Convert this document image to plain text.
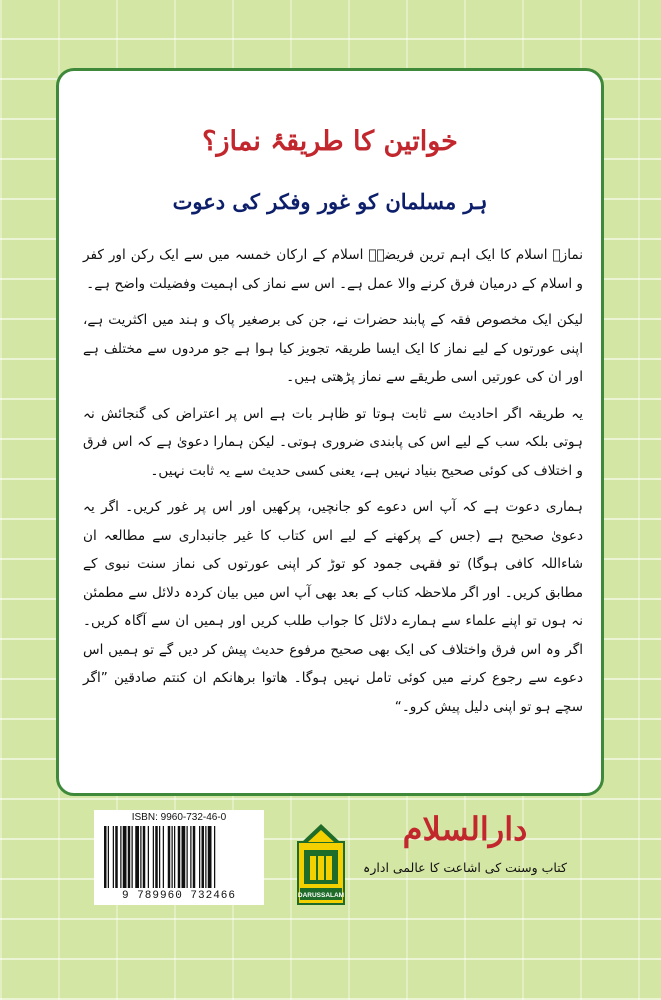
خواتین کا طریقۂ نماز؟
ہر مسلمان کو غور وفکر کی دعوت

نمازؔ اسلام کا ایک اہم ترین فریضہؔ اسلام کے ارکان خمسہ میں سے ایک رکن اور کفر و اسلام کے درمیان فرق کرنے والا عمل ہے۔ اس سے نماز کی اہمیت وفضیلت واضح ہے۔

لیکن ایک مخصوص فقہ کے پابند حضرات نے، جن کی برصغیر پاک و ہند میں اکثریت ہے، اپنی عورتوں کے لیے نماز کا ایک ایسا طریقہ تجویز کیا ہوا ہے جو مردوں سے مختلف ہے اور ان کی عورتیں اسی طریقے سے نماز پڑھتی ہیں۔

یہ طریقہ اگر احادیث سے ثابت ہوتا تو ظاہر بات ہے اس پر اعتراض کی گنجائش نہ ہوتی بلکہ سب کے لیے اس کی پابندی ضروری ہوتی۔ لیکن ہمارا دعویٰ ہے کہ اس فرق و اختلاف کی کوئی صحیح بنیاد نہیں ہے، یعنی کسی حدیث سے یہ ثابت نہیں۔

ہماری دعوت ہے کہ آپ اس دعوے کو جانچیں، پرکھیں اور اس پر غور کریں۔ اگر یہ دعویٰ صحیح ہے (جس کے پرکھنے کے لیے اس کتاب کا غیر جانبداری سے مطالعہ ان شاءاللہ کافی ہوگا) تو فقہی جمود کو توڑ کر اپنی عورتوں کی نماز سنت نبوی کے مطابق کریں۔ اور اگر ملاحظہ کتاب کے بعد بھی آپ اس میں بیان کردہ دلائل سے مطمئن نہ ہوں تو اپنے علماء سے ہمارے دلائل کا جواب طلب کریں اور ہمیں ان سے آگاہ کریں۔ اگر وہ اس فرق واختلاف کی ایک بھی صحیح مرفوع حدیث پیش کر دیں گے تو ہمیں اس دعوے سے رجوع کرنے میں کوئی تامل نہیں ہوگا۔ هاتوا برهانكم ان كنتم صادقين ”اگر سچے ہو تو اپنی دلیل پیش کرو۔“

ISBN: 9960-732-46-0

9 789960 732466	DARUSSALAM

دارالسلام

کتاب وسنت کی اشاعت کا عالمی ادارہ
